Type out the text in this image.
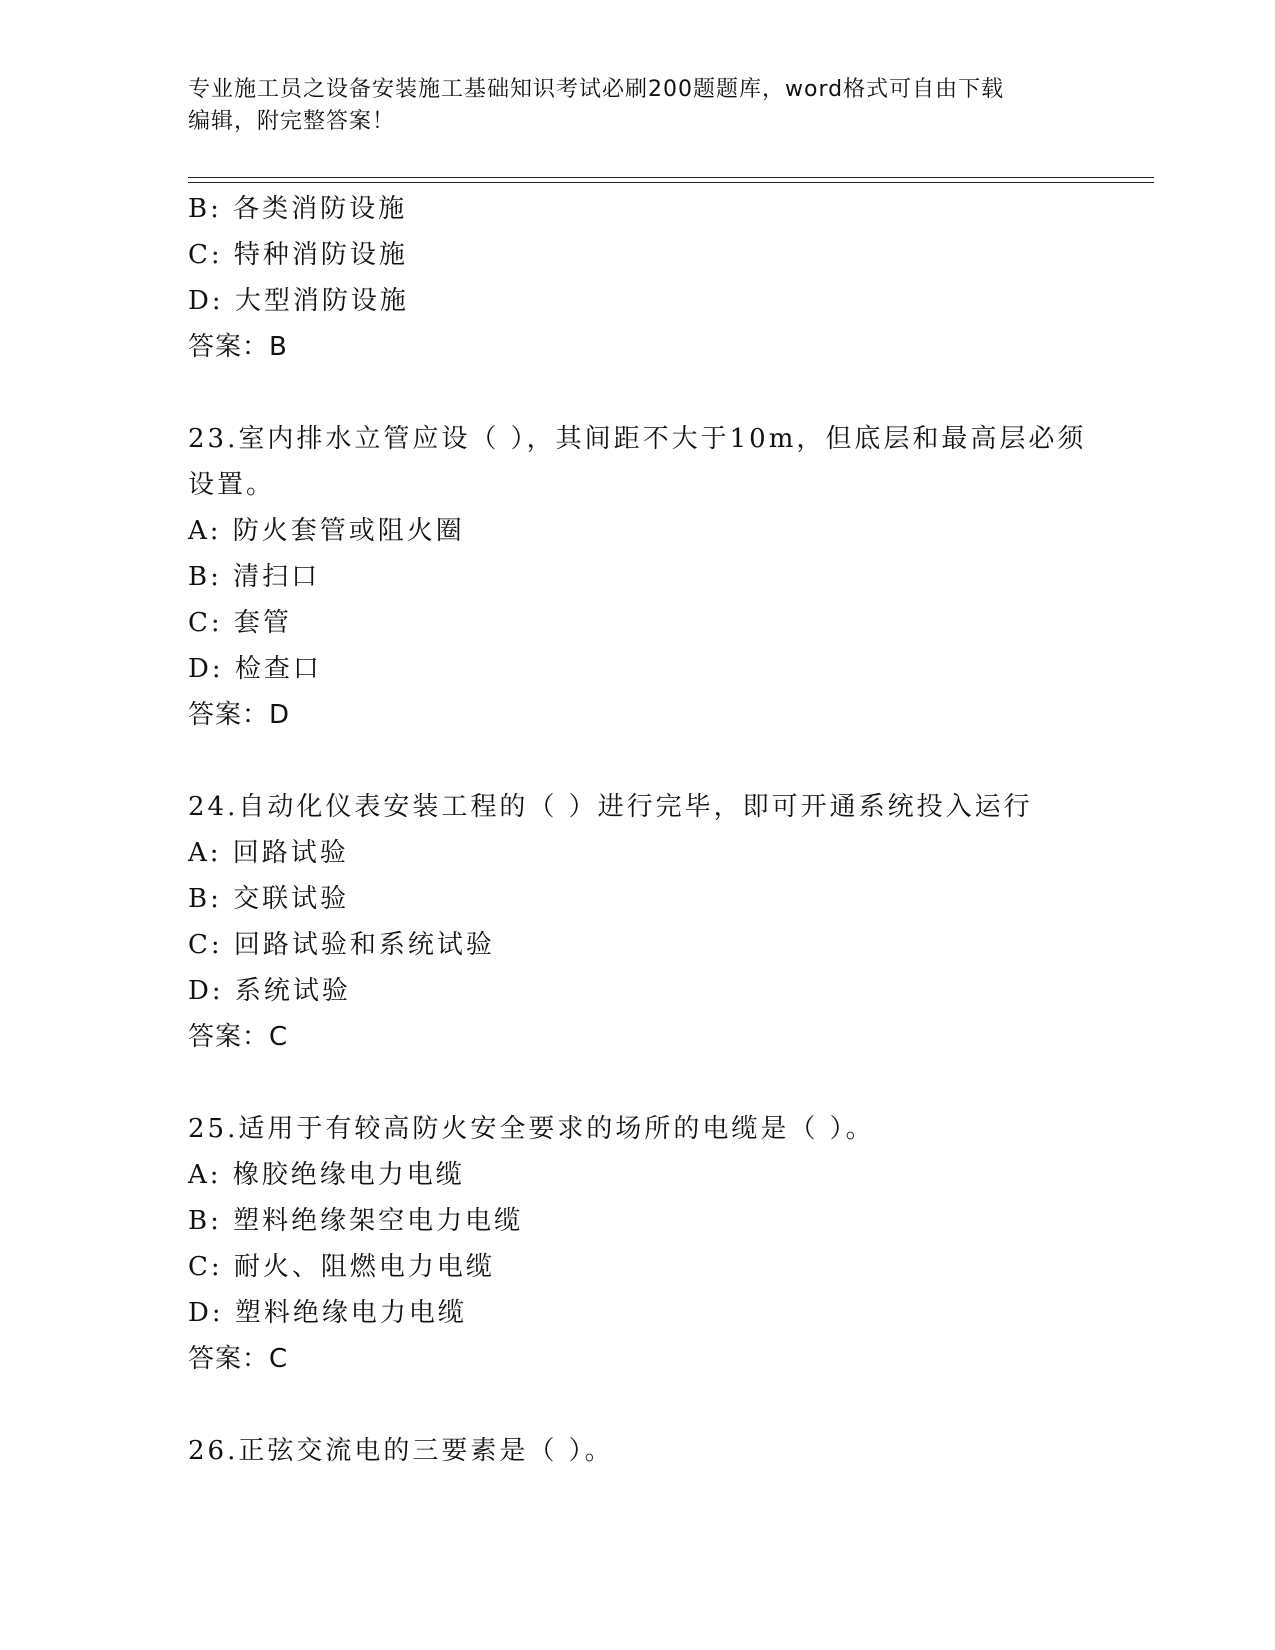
专业施工员之设备安装施工基础知识考试必刷200题题库，word格式可自由下载
编辑，附完整答案！
B: 各类消防设施
C: 特种消防设施
D: 大型消防设施
答案：B
23.室内排水立管应设（ ），其间距不大于10m，但底层和最高层必须
设置。
A: 防火套管或阻火圈
B: 清扫口
C: 套管
D: 检查口
答案：D
24.自动化仪表安装工程的（ ）进行完毕，即可开通系统投入运行
A: 回路试验
B: 交联试验
C: 回路试验和系统试验
D: 系统试验
答案：C
25.适用于有较高防火安全要求的场所的电缆是（ ）。
A: 橡胶绝缘电力电缆
B: 塑料绝缘架空电力电缆
C: 耐火、阻燃电力电缆
D: 塑料绝缘电力电缆
答案：C
26.正弦交流电的三要素是（ ）。
